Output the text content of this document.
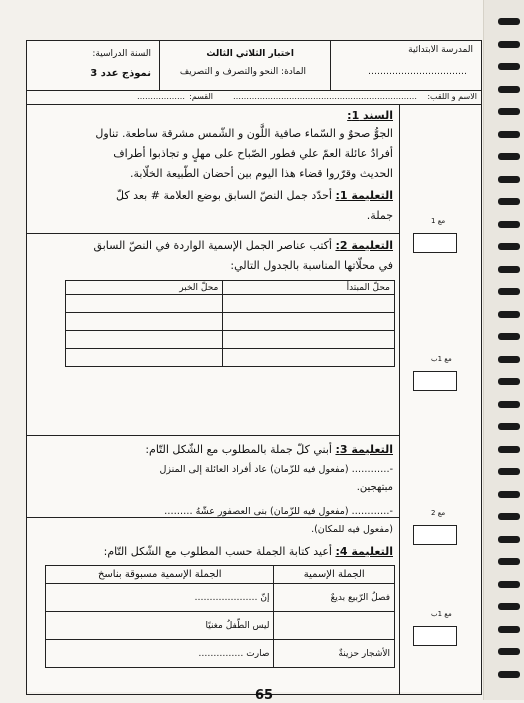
المدرسة الابتدائية
……………………………
اختبار الثلاثي الثالث
المادة: النحو والتصرف و التصريف
السنة الدراسية:
نموذج عدد 3
الاسم و اللقب:
……………………………………………………………
القسم:
………………
السند 1:
الجوُّ صحوٌ و السّماء صافية اللَّون و الشّمس مشرقة ساطعة. تناول
أفرادُ عائلة العمّ علي فطور الصّباح على مهلٍ و تجاذبوا أطراف
الحديث وقرّروا قضاء هذا اليوم بين أحضان الطّبيعة الخلّابة.
التعليمة 1: أحدّد جمل النصّ السابق بوضع العلامة # بعد كلّ
جملة.
التعليمة 2: أكتب عناصر الجمل الإسمية الواردة في النصّ السابق
في محلّاتها المناسبة بالجدول التالي:
محلّ المبتدأ	محلّ الخبر

التعليمة 3: أبني كلّ جملة بالمطلوب مع الشّكل التّام:
-………… (مفعول فيه للزّمان) عاد أفراد العائلة إلى المنزل
مبتهجين.
-………… (مفعول فيه للزّمان) بنى العصفور عشّهُ ………
(مفعول فيه للمكان).
التعليمة 4: أعيد كتابة الجملة حسب المطلوب مع الشّكل التّام:
الجملة الإسمية	الجملة الإسمية مسبوقة بناسخ
فصلُ الرّبيع بديعٌ	إنّ …………………
	ليس الطّفلُ مغنيًا
الأشجار حزينةٌ	صارت ……………
مع 1
مع 1ب
مع 2
مع 1ب
65
